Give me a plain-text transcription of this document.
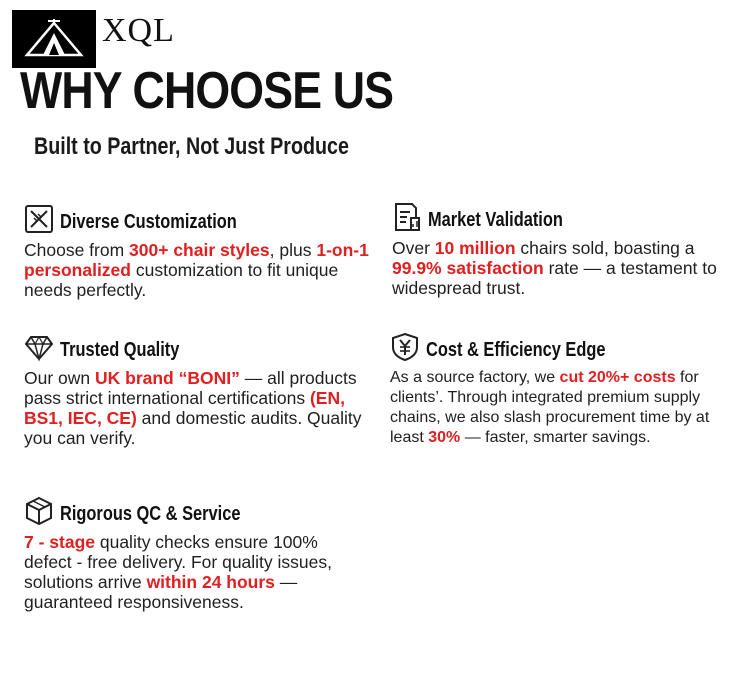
XQL
WHY CHOOSE US
Built to Partner, Not Just Produce
Diverse Customization
Choose from 300+ chair styles, plus 1-on-1 personalized customization to fit unique needs perfectly.
Market Validation
Over 10 million chairs sold, boasting a 99.9% satisfaction rate — a testament to widespread trust.
Trusted Quality
Our own UK brand “BONI” — all products pass strict international certifications (EN, BS1, IEC, CE) and domestic audits. Quality you can verify.
Cost & Efficiency Edge
As a source factory, we cut 20%+ costs for clients’. Through integrated premium supply chains, we also slash procurement time by at least 30% — faster, smarter savings.
Rigorous QC & Service
7 - stage quality checks ensure 100% defect - free delivery. For quality issues, solutions arrive within 24 hours — guaranteed responsiveness.
